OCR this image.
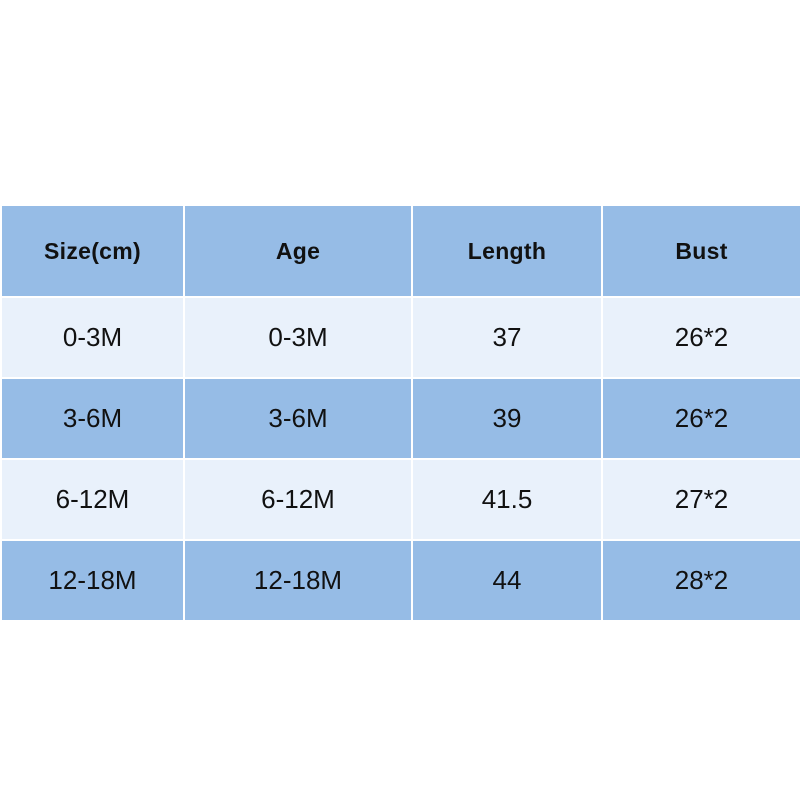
Size(cm)	Age	Length	Bust
0-3M	0-3M	37	26*2
3-6M	3-6M	39	26*2
6-12M	6-12M	41.5	27*2
12-18M	12-18M	44	28*2
